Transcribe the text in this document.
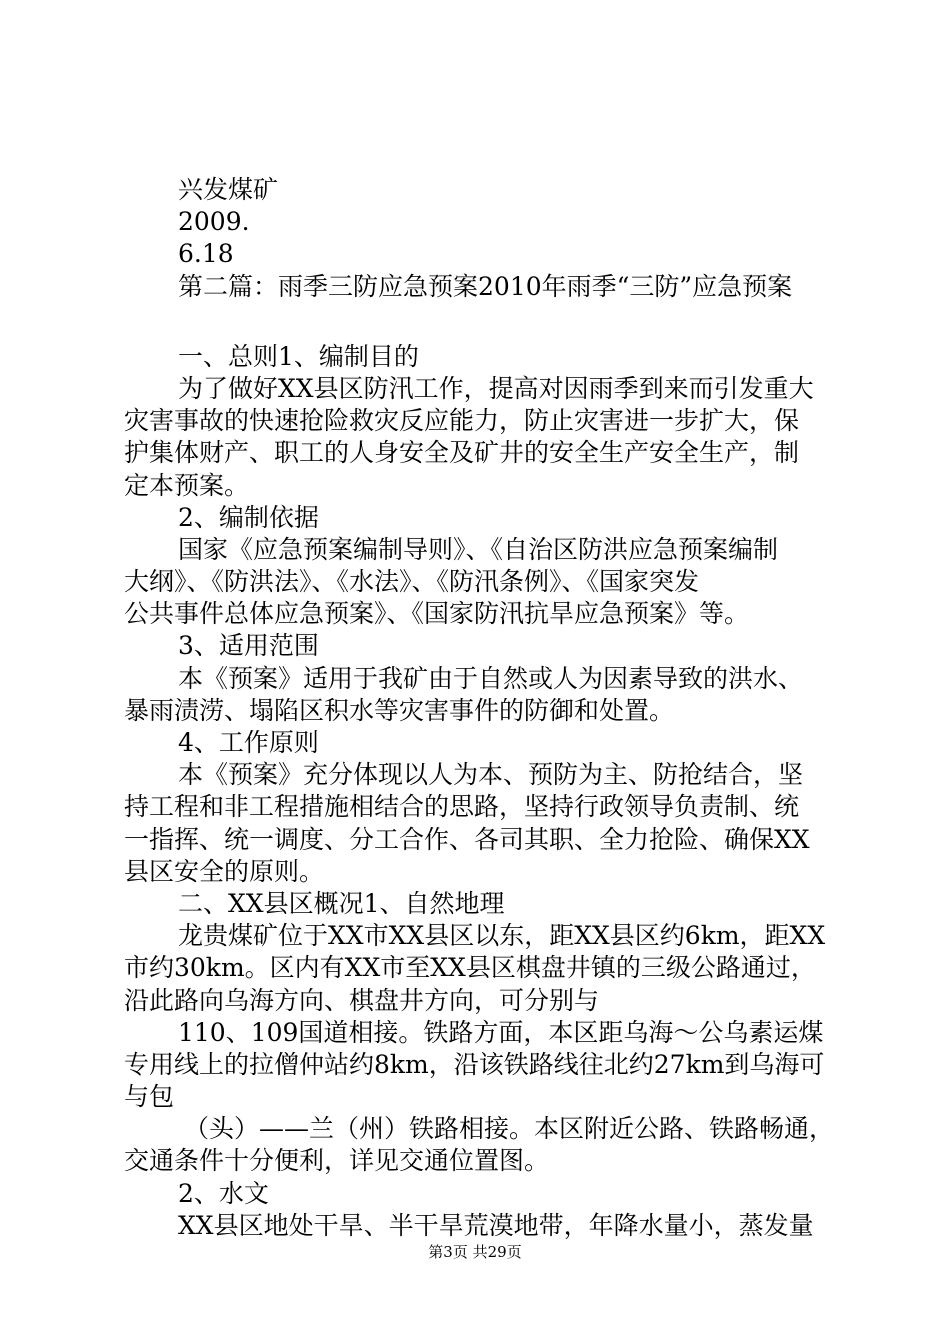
兴发煤矿
2009.
6.18
第二篇：雨季三防应急预案2010年雨季“三防”应急预案
一、总则1、编制目的
为了做好XX县区防汛工作，提高对因雨季到来而引发重大
灾害事故的快速抢险救灾反应能力，防止灾害进一步扩大，保
护集体财产、职工的人身安全及矿井的安全生产安全生产，制
定本预案。
2、编制依据
国家《应急预案编制导则》、《自治区防洪应急预案编制
大纲》、《防洪法》、《水法》、《防汛条例》、《国家突发
公共事件总体应急预案》、《国家防汛抗旱应急预案》等。
3、适用范围
本《预案》适用于我矿由于自然或人为因素导致的洪水、
暴雨渍涝、塌陷区积水等灾害事件的防御和处置。
4、工作原则
本《预案》充分体现以人为本、预防为主、防抢结合，坚
持工程和非工程措施相结合的思路，坚持行政领导负责制、统
一指挥、统一调度、分工合作、各司其职、全力抢险、确保XX
县区安全的原则。
二、XX县区概况1、自然地理
龙贵煤矿位于XX市XX县区以东，距XX县区约6km，距XX
市约30km。区内有XX市至XX县区棋盘井镇的三级公路通过，
沿此路向乌海方向、棋盘井方向，可分别与
110、109国道相接。铁路方面，本区距乌海～公乌素运煤
专用线上的拉僧仲站约8km，沿该铁路线往北约27km到乌海可
与包
（头）——兰（州）铁路相接。本区附近公路、铁路畅通，
交通条件十分便利，详见交通位置图。
2、水文
XX县区地处干旱、半干旱荒漠地带，年降水量小，蒸发量
第3页 共29页
